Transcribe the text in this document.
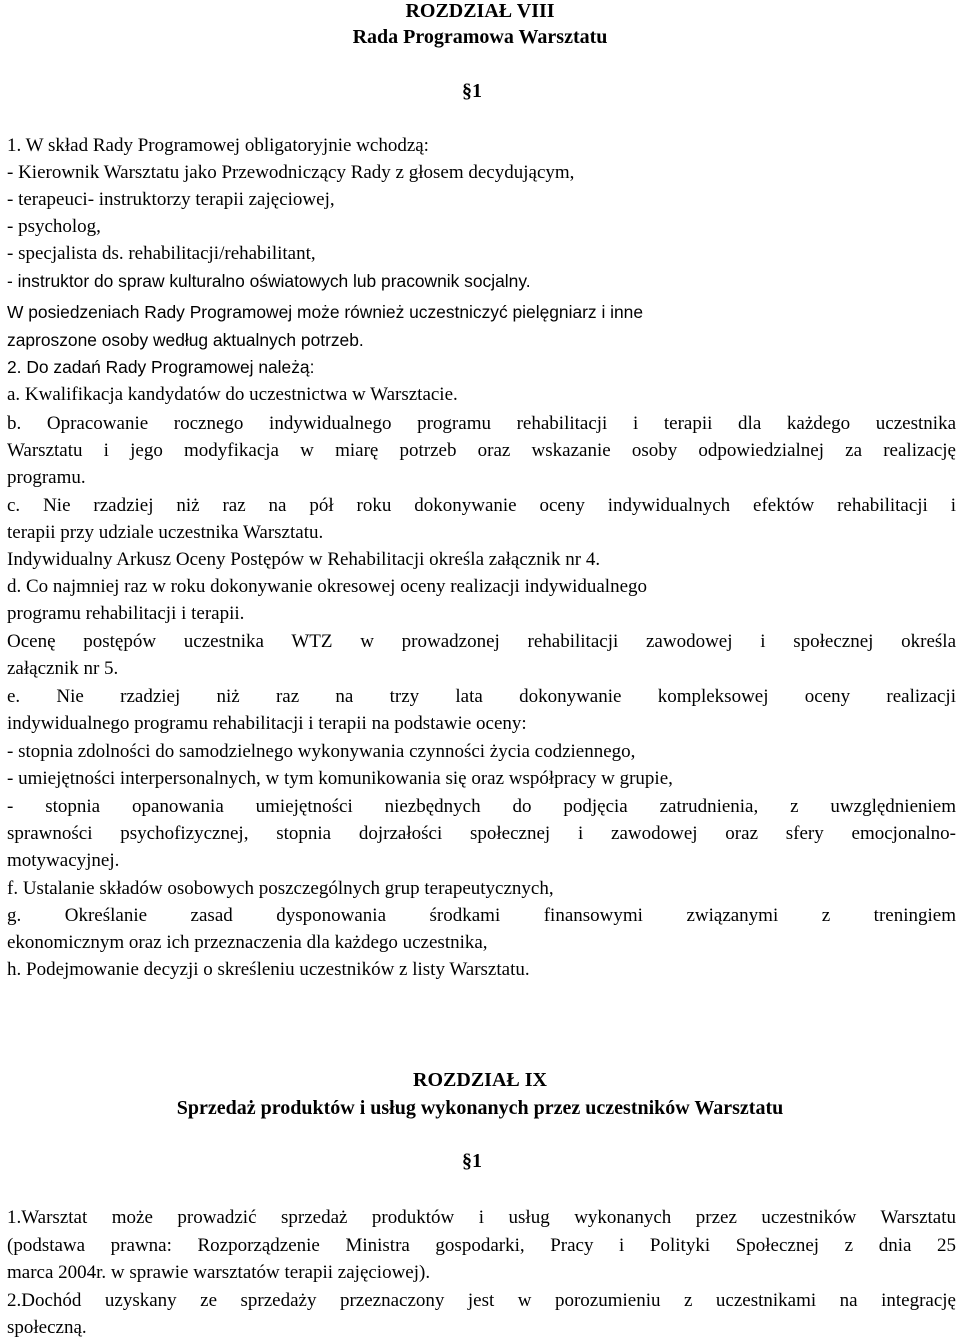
ROZDZIAŁ VIII
Rada Programowa Warsztatu
§1
1. W skład Rady Programowej obligatoryjnie wchodzą:
- Kierownik Warsztatu jako Przewodniczący Rady z głosem decydującym,
- terapeuci- instruktorzy terapii zajęciowej,
- psycholog,
- specjalista ds. rehabilitacji/rehabilitant,
- instruktor do spraw kulturalno oświatowych lub pracownik socjalny.
W posiedzeniach Rady Programowej może również uczestniczyć pielęgniarz i inne
zaproszone osoby według aktualnych potrzeb.
2. Do zadań Rady Programowej należą:
a. Kwalifikacja kandydatów do uczestnictwa w Warsztacie.
b. Opracowanie rocznego indywidualnego programu rehabilitacji i terapii dla każdego uczestnika
Warsztatu i jego modyfikacja w miarę potrzeb oraz wskazanie osoby odpowiedzialnej za realizację
programu.
c. Nie rzadziej niż raz na pół roku dokonywanie oceny indywidualnych efektów rehabilitacji i
terapii przy udziale uczestnika Warsztatu.
Indywidualny Arkusz Oceny Postępów w Rehabilitacji określa załącznik nr 4.
d. Co najmniej raz w roku dokonywanie okresowej oceny realizacji indywidualnego
programu rehabilitacji i terapii.
Ocenę postępów uczestnika WTZ w prowadzonej rehabilitacji zawodowej i społecznej określa
załącznik nr 5.
e. Nie rzadziej niż raz na trzy lata dokonywanie kompleksowej oceny realizacji
indywidualnego programu rehabilitacji i terapii na podstawie oceny:
- stopnia zdolności do samodzielnego wykonywania czynności życia codziennego,
- umiejętności interpersonalnych, w tym komunikowania się oraz współpracy w grupie,
- stopnia opanowania umiejętności niezbędnych do podjęcia zatrudnienia, z uwzględnieniem
sprawności psychofizycznej, stopnia dojrzałości społecznej i zawodowej oraz sfery emocjonalno-
motywacyjnej.
f. Ustalanie składów osobowych poszczególnych grup terapeutycznych,
g. Określanie zasad dysponowania środkami finansowymi związanymi z treningiem
ekonomicznym oraz ich przeznaczenia dla każdego uczestnika,
h. Podejmowanie decyzji o skreśleniu uczestników z listy Warsztatu.
ROZDZIAŁ IX
Sprzedaż produktów i usług wykonanych przez uczestników Warsztatu
§1
1.Warsztat może prowadzić sprzedaż produktów i usług wykonanych przez uczestników Warsztatu
(podstawa prawna: Rozporządzenie Ministra gospodarki, Pracy i Polityki Społecznej z dnia 25
marca 2004r. w sprawie warsztatów terapii zajęciowej).
2.Dochód uzyskany ze sprzedaży przeznaczony jest w porozumieniu z uczestnikami na integrację
społeczną.
